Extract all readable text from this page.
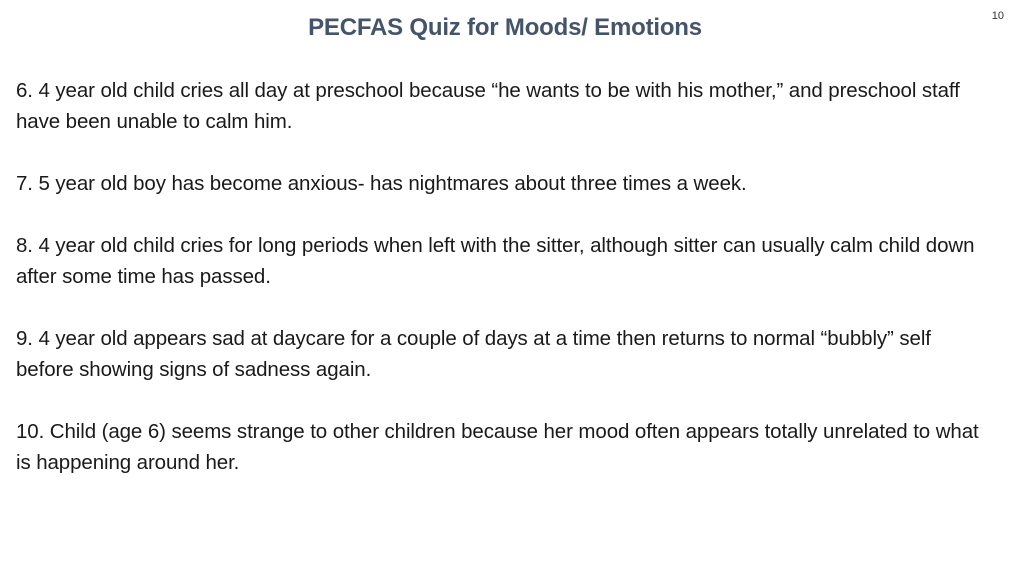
10
PECFAS Quiz for Moods/ Emotions
6. 4 year old child cries all day at preschool because “he wants to be with his mother,” and preschool staff have been unable to calm him.
7. 5 year old boy has become anxious- has nightmares about three times a week.
8. 4 year old child cries for long periods when left with the sitter, although sitter can usually calm child down after some time has passed.
9. 4 year old appears sad at daycare for a couple of days at a time then returns to normal “bubbly” self before showing signs of sadness again.
10. Child (age 6) seems strange to other children because her mood often appears totally unrelated to what is happening around her.
